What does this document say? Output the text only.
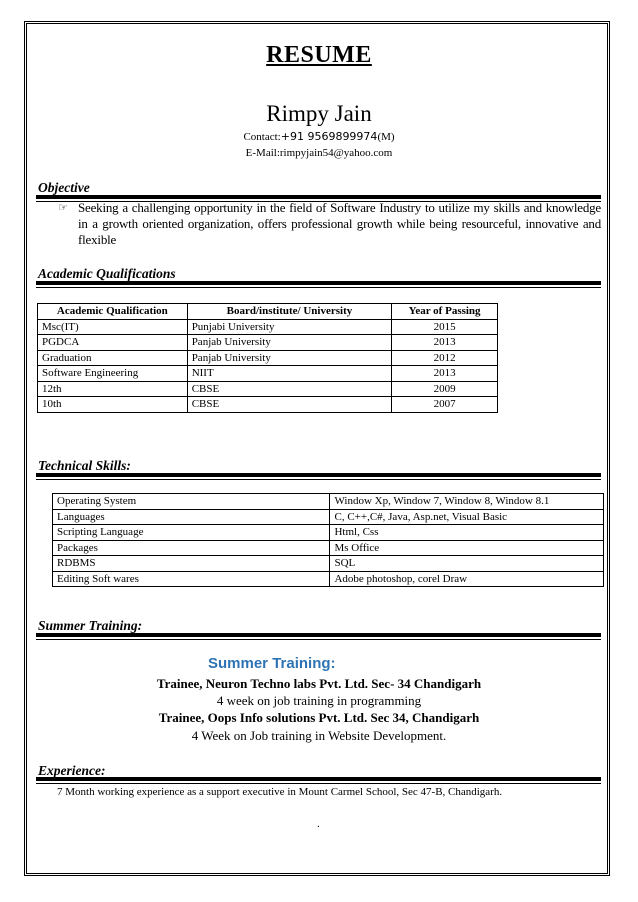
RESUME
Rimpy Jain
Contact:+91 9569899974(M)
E-Mail:rimpyjain54@yahoo.com
Objective
☞ Seeking a challenging opportunity in the field of Software Industry to utilize my skills and knowledge in a growth oriented organization, offers professional growth while being resourceful, innovative and flexible
Academic Qualifications
Academic Qualification	Board/institute/ University	Year of Passing
Msc(IT)	Punjabi University	2015
PGDCA	Panjab University	2013
Graduation	Panjab University	2012
Software Engineering	NIIT	2013
12th	CBSE	2009
10th	CBSE	2007
Technical Skills:
Operating System	Window Xp, Window 7, Window 8, Window 8.1
Languages	C, C++,C#, Java, Asp.net, Visual Basic
Scripting Language	Html, Css
Packages	Ms Office
RDBMS	SQL
Editing Soft wares	Adobe photoshop, corel Draw
Summer Training:
Summer Training:
Trainee, Neuron Techno labs Pvt. Ltd. Sec- 34 Chandigarh
4 week on job training in programming
Trainee, Oops Info solutions Pvt. Ltd. Sec 34, Chandigarh
4 Week on Job training in Website Development.
Experience:
7 Month working experience as a support executive in Mount Carmel School, Sec 47-B, Chandigarh.
.
